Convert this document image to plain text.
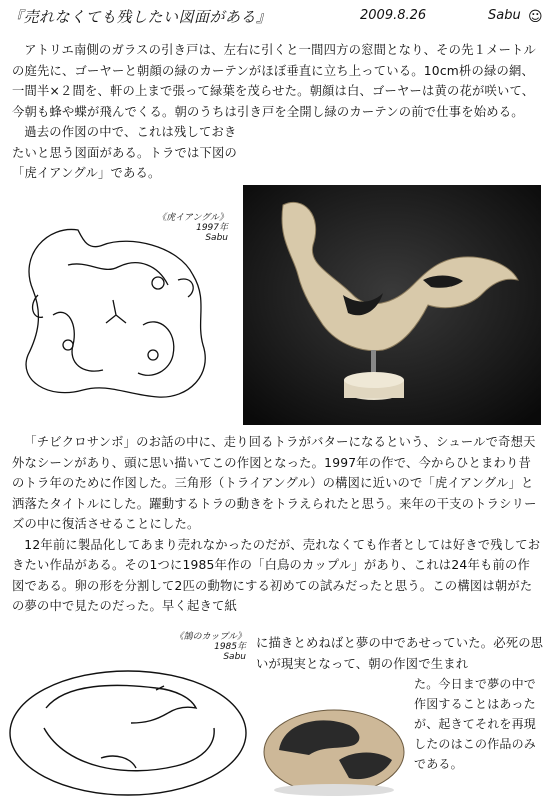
『売れなくても残したい図面がある』	2009.8.26	Sabu ☺

アトリエ南側のガラスの引き戸は、左右に引くと一間四方の窓間となり、その先１メートルの庭先に、ゴーヤーと朝顔の緑のカーテンがほぼ垂直に立ち上っている。10cm枡の緑の網、一間半×２間を、軒の上まで張って緑葉を茂らせた。朝顔は白、ゴーヤーは黄の花が咲いて、今朝も蜂や蝶が飛んでくる。朝のうちは引き戸を全開し緑のカーテンの前で仕事を始める。

過去の作図の中で、これは残しておきたいと思う図面がある。トラでは下図の「虎イアングル」である。

《虎イアングル》
1997年
Sabu

「チビクロサンボ」のお話の中に、走り回るトラがバターになるという、シュールで奇想天外なシーンがあり、頭に思い描いてこの作図となった。1997年の作で、今からひとまわり昔のトラ年のために作図した。三角形（トライアングル）の構図に近いので「虎イアングル」と洒落たタイトルにした。躍動するトラの動きをトラえられたと思う。来年の干支のトラシリーズの中に復活させることにした。

12年前に製品化してあまり売れなかったのだが、売れなくても作者としては好きで残しておきたい作品がある。その1つに1985年作の「白鳥のカップル」があり、これは24年も前の作図である。卵の形を分割して2匹の動物にする初めての試みだったと思う。この構図は朝がたの夢の中で見たのだった。早く起きて紙

《鵠のカップル》
1985年
Sabu

に描きとめねばと夢の中であせっていた。必死の思いが現実となって、朝の作図で生まれ

た。今日まで夢の中で作図することはあったが、起きてそれを再現したのはこの作品のみである。
